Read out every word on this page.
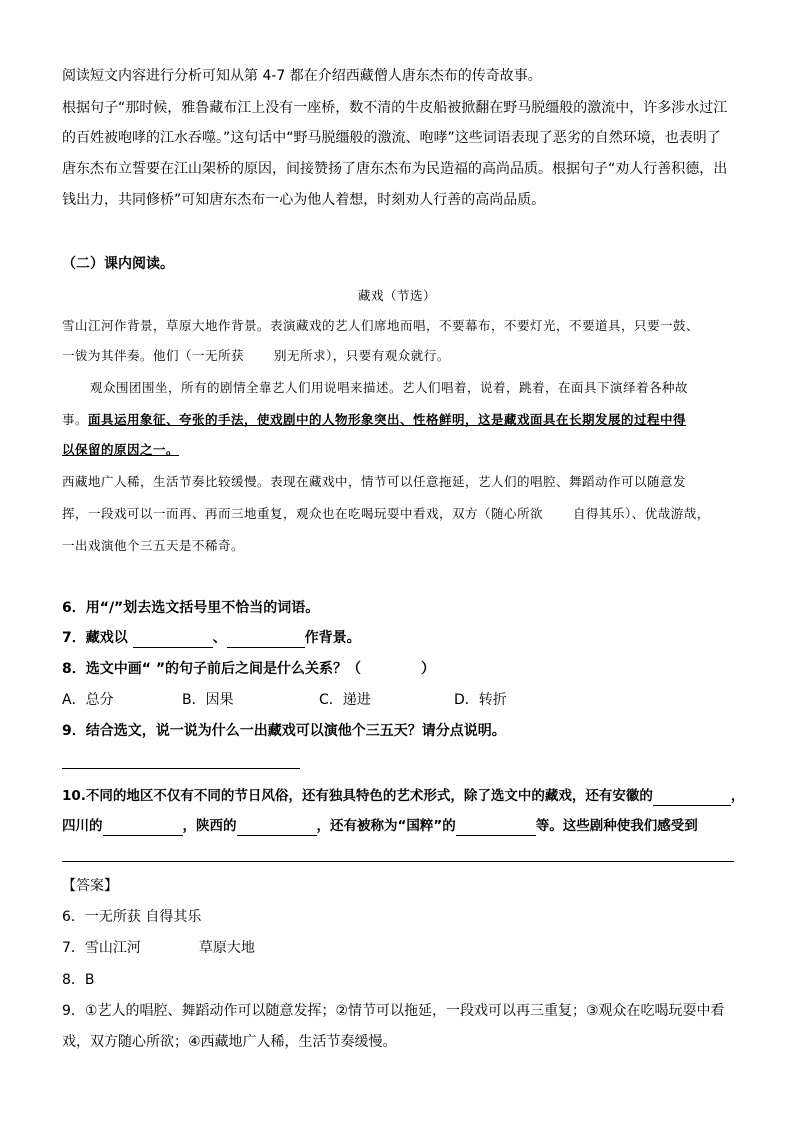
阅读短文内容进行分析可知从第 4-7 都在介绍西藏僧人唐东杰布的传奇故事。
根据句子“那时候，雅鲁藏布江上没有一座桥，数不清的牛皮船被掀翻在野马脱缰般的激流中，许多涉水过江
的百姓被咆哮的江水吞噬。”这句话中“野马脱缰般的激流、咆哮”这些词语表现了恶劣的自然环境，也表明了
唐东杰布立誓要在江山架桥的原因，间接赞扬了唐东杰布为民造福的高尚品质。根据句子“劝人行善积德，出
钱出力，共同修桥”可知唐东杰布一心为他人着想，时刻劝人行善的高尚品质。
（二）课内阅读。
藏戏（节选）
雪山江河作背景，草原大地作背景。表演藏戏的艺人们席地而唱，不要幕布，不要灯光，不要道具，只要一鼓、
一钹为其伴奏。他们（一无所获 别无所求），只要有观众就行。
观众围团围坐，所有的剧情全靠艺人们用说唱来描述。艺人们唱着，说着，跳着，在面具下演绎着各种故
事。面具运用象征、夸张的手法，使戏剧中的人物形象突出、性格鲜明，这是藏戏面具在长期发展的过程中得
以保留的原因之一。
西藏地广人稀，生活节奏比较缓慢。表现在藏戏中，情节可以任意拖延，艺人们的唱腔、舞蹈动作可以随意发
挥，一段戏可以一而再、再而三地重复，观众也在吃喝玩耍中看戏，双方（随心所欲 自得其乐）、优哉游哉，
一出戏演他个三五天是不稀奇。
6．用“/”划去选文括号里不恰当的词语。
7．藏戏以	、	作背景。
8．选文中画“ ”的句子前后之间是什么关系？（	）
A．总分	B．因果	C．递进	D．转折
9．结合选文，说一说为什么一出藏戏可以演他个三五天？请分点说明。
10.不同的地区不仅有不同的节日风俗，还有独具特色的艺术形式，除了选文中的藏戏，还有安徽的	，
四川的	，陕西的	，还有被称为“国粹”的	等。这些剧种使我们感受到
【答案】
6．一无所获 自得其乐
7．雪山江河	草原大地
8．B
9．①艺人的唱腔、舞蹈动作可以随意发挥；②情节可以拖延，一段戏可以再三重复；③观众在吃喝玩耍中看
戏，双方随心所欲；④西藏地广人稀，生活节奏缓慢。
